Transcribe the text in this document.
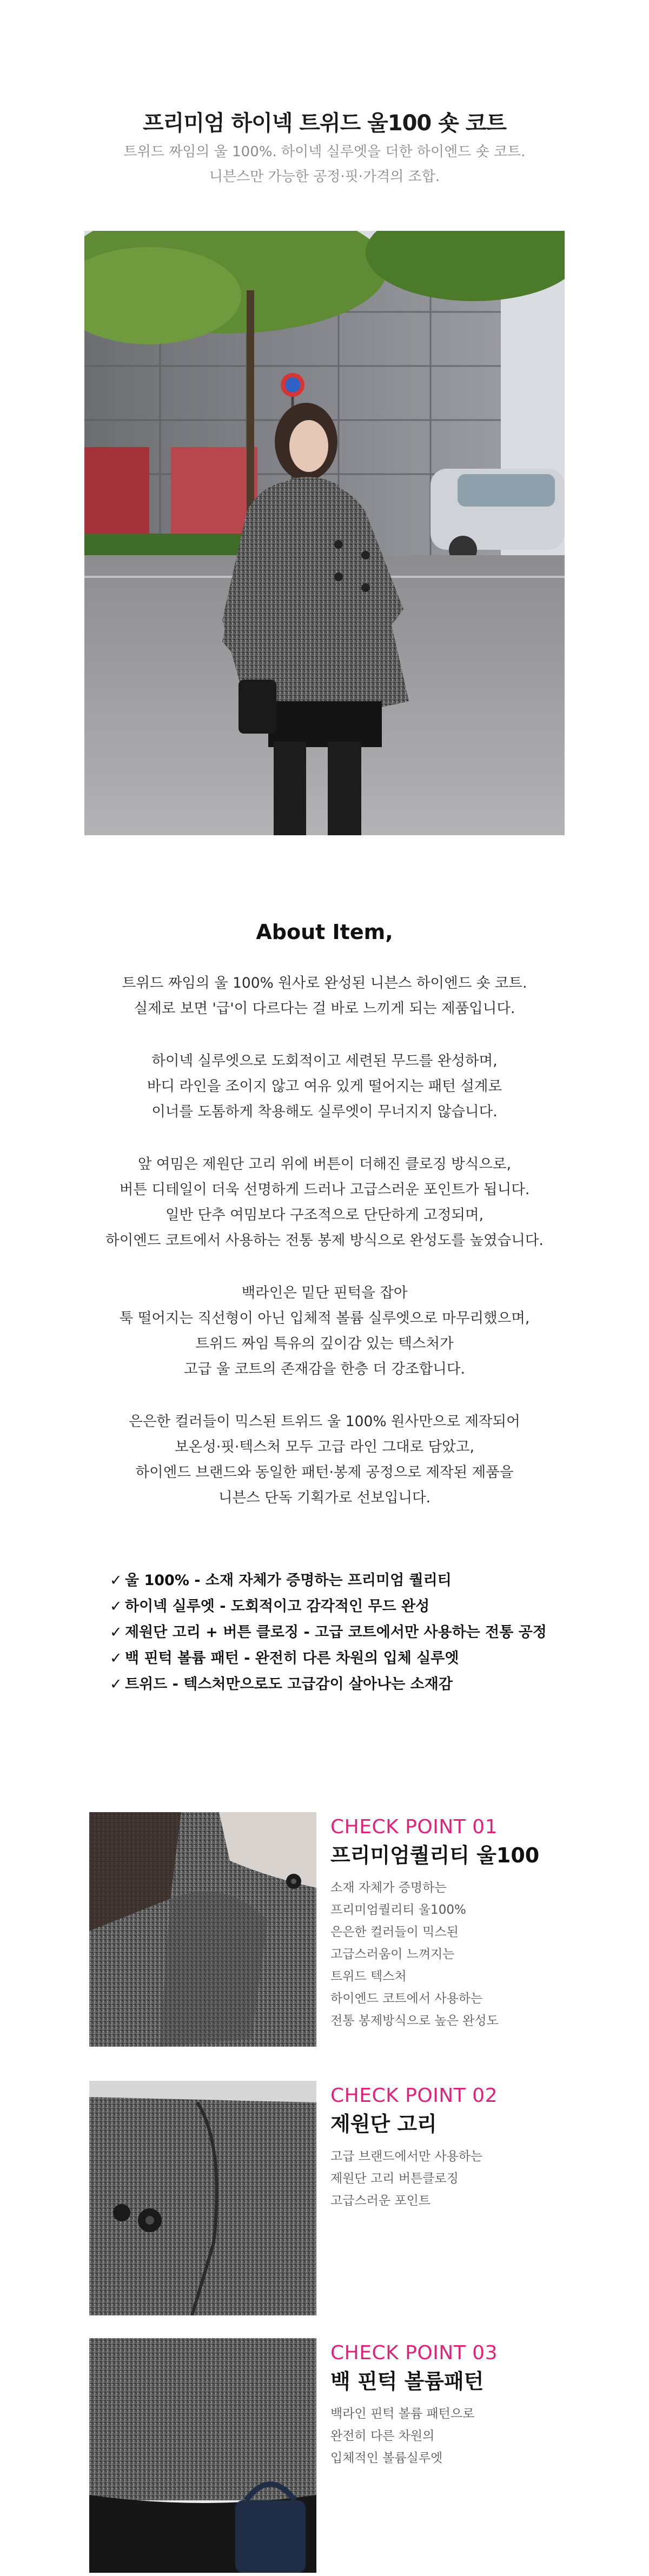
프리미엄 하이넥 트위드 울100 숏 코트
트위드 짜임의 울 100%. 하이넥 실루엣을 더한 하이엔드 숏 코트.
니븐스만 가능한 공정·핏·가격의 조합.
About Item,
트위드 짜임의 울 100% 원사로 완성된 니븐스 하이엔드 숏 코트.
실제로 보면 '급'이 다르다는 걸 바로 느끼게 되는 제품입니다.
하이넥 실루엣으로 도회적이고 세련된 무드를 완성하며,
바디 라인을 조이지 않고 여유 있게 떨어지는 패턴 설계로
이너를 도톰하게 착용해도 실루엣이 무너지지 않습니다.
앞 여밈은 제원단 고리 위에 버튼이 더해진 클로징 방식으로,
버튼 디테일이 더욱 선명하게 드러나 고급스러운 포인트가 됩니다.
일반 단추 여밈보다 구조적으로 단단하게 고정되며,
하이엔드 코트에서 사용하는 전통 봉제 방식으로 완성도를 높였습니다.
백라인은 밑단 핀턱을 잡아
툭 떨어지는 직선형이 아닌 입체적 볼륨 실루엣으로 마무리했으며,
트위드 짜임 특유의 깊이감 있는 텍스처가
고급 울 코트의 존재감을 한층 더 강조합니다.
은은한 컬러들이 믹스된 트위드 울 100% 원사만으로 제작되어
보온성·핏·텍스처 모두 고급 라인 그대로 담았고,
하이엔드 브랜드와 동일한 패턴·봉제 공정으로 제작된 제품을
니븐스 단독 기획가로 선보입니다.
✓ 울 100% - 소재 자체가 증명하는 프리미엄 퀄리티
✓ 하이넥 실루엣 - 도회적이고 감각적인 무드 완성
✓ 제원단 고리 + 버튼 클로징 - 고급 코트에서만 사용하는 전통 공정
✓ 백 핀턱 볼륨 패턴 - 완전히 다른 차원의 입체 실루엣
✓ 트위드 - 텍스처만으로도 고급감이 살아나는 소재감
CHECK POINT 01
프리미엄퀄리티 울100
소재 자체가 증명하는
프리미엄퀄리티 울100%
은은한 컬러들이 믹스된
고급스러움이 느껴지는
트위드 텍스처
하이엔드 코트에서 사용하는
전통 봉제방식으로 높은 완성도
CHECK POINT 02
제원단 고리
고급 브랜드에서만 사용하는
제원단 고리 버튼클로징
고급스러운 포인트
CHECK POINT 03
백 핀턱 볼륨패턴
백라인 핀턱 볼륨 패턴으로
완전히 다른 차원의
입체적인 볼륨실루엣
